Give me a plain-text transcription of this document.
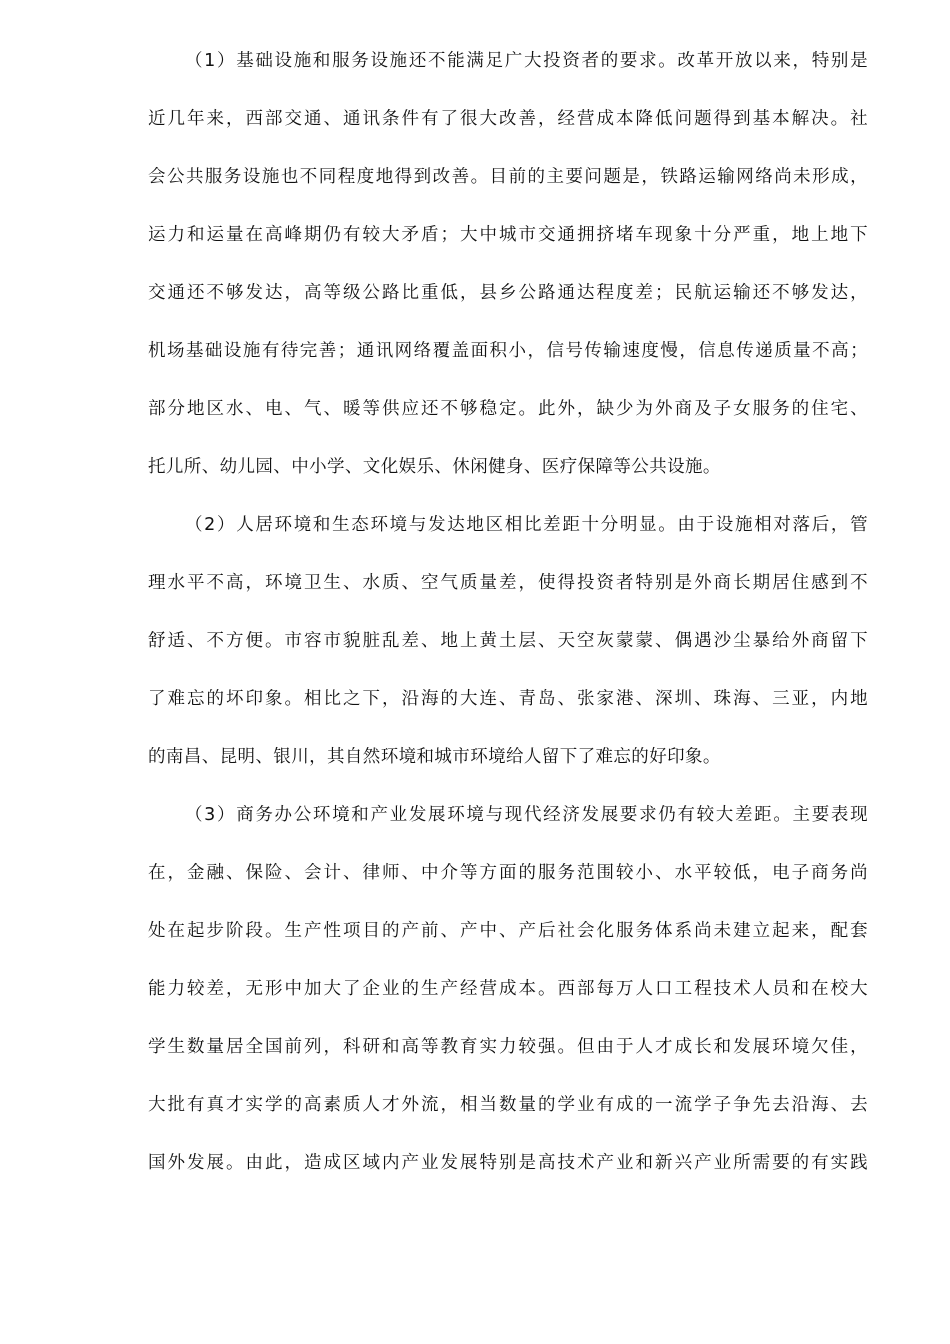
（1）基础设施和服务设施还不能满足广大投资者的要求。改革开放以来，特别是
近几年来，西部交通、通讯条件有了很大改善，经营成本降低问题得到基本解决。社
会公共服务设施也不同程度地得到改善。目前的主要问题是，铁路运输网络尚未形成，
运力和运量在高峰期仍有较大矛盾；大中城市交通拥挤堵车现象十分严重，地上地下
交通还不够发达，高等级公路比重低，县乡公路通达程度差；民航运输还不够发达，
机场基础设施有待完善；通讯网络覆盖面积小，信号传输速度慢，信息传递质量不高；
部分地区水、电、气、暖等供应还不够稳定。此外，缺少为外商及子女服务的住宅、
托儿所、幼儿园、中小学、文化娱乐、休闲健身、医疗保障等公共设施。
（2）人居环境和生态环境与发达地区相比差距十分明显。由于设施相对落后，管
理水平不高，环境卫生、水质、空气质量差，使得投资者特别是外商长期居住感到不
舒适、不方便。市容市貌脏乱差、地上黄土层、天空灰蒙蒙、偶遇沙尘暴给外商留下
了难忘的坏印象。相比之下，沿海的大连、青岛、张家港、深圳、珠海、三亚，内地
的南昌、昆明、银川，其自然环境和城市环境给人留下了难忘的好印象。
（3）商务办公环境和产业发展环境与现代经济发展要求仍有较大差距。主要表现
在，金融、保险、会计、律师、中介等方面的服务范围较小、水平较低，电子商务尚
处在起步阶段。生产性项目的产前、产中、产后社会化服务体系尚未建立起来，配套
能力较差，无形中加大了企业的生产经营成本。西部每万人口工程技术人员和在校大
学生数量居全国前列，科研和高等教育实力较强。但由于人才成长和发展环境欠佳，
大批有真才实学的高素质人才外流，相当数量的学业有成的一流学子争先去沿海、去
国外发展。由此，造成区域内产业发展特别是高技术产业和新兴产业所需要的有实践
